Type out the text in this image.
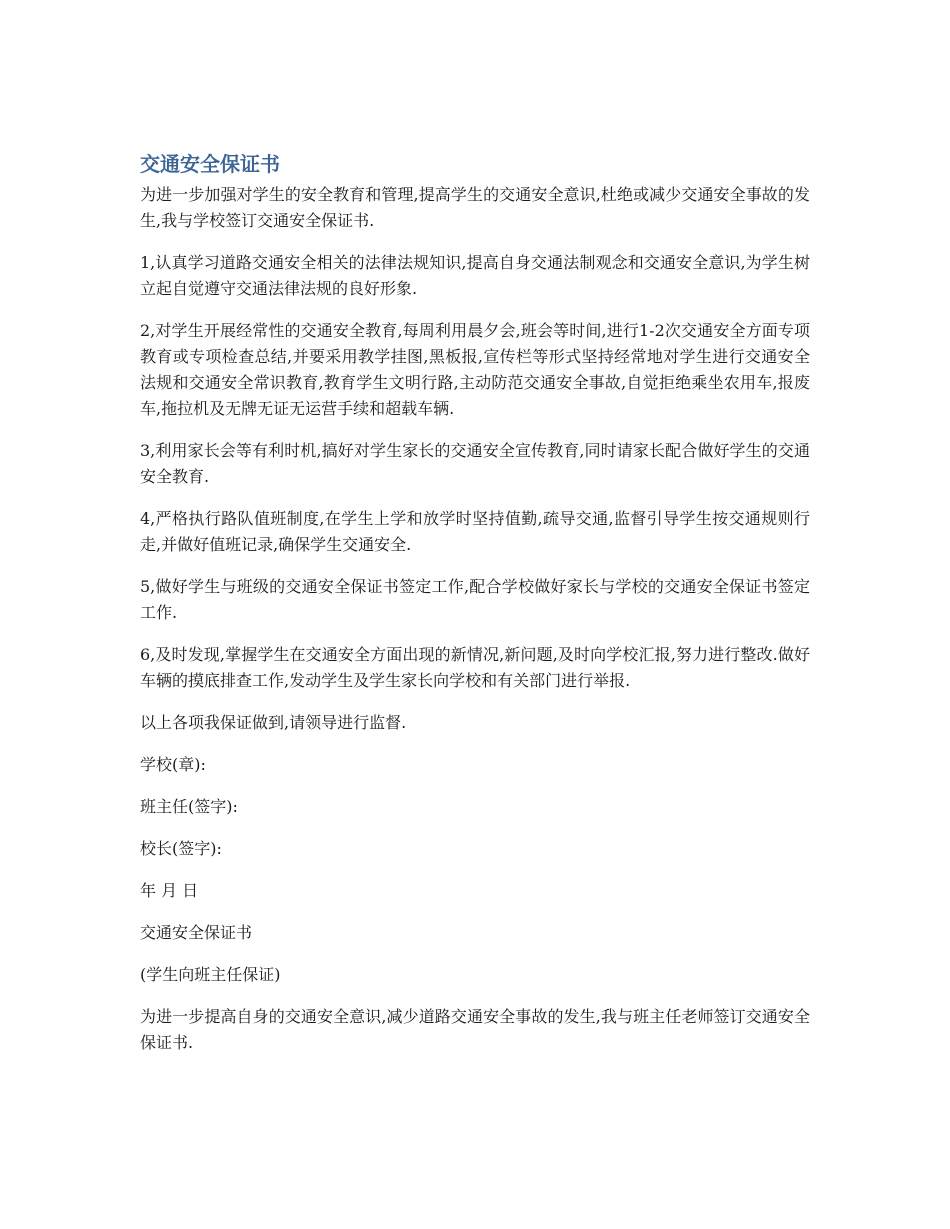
交通安全保证书

为进一步加强对学生的安全教育和管理,提高学生的交通安全意识,杜绝或减少交通安全事故的发生,我与学校签订交通安全保证书.

1,认真学习道路交通安全相关的法律法规知识,提高自身交通法制观念和交通安全意识,为学生树立起自觉遵守交通法律法规的良好形象.

2,对学生开展经常性的交通安全教育,每周利用晨夕会,班会等时间,进行1-2次交通安全方面专项教育或专项检查总结,并要采用教学挂图,黑板报,宣传栏等形式坚持经常地对学生进行交通安全法规和交通安全常识教育,教育学生文明行路,主动防范交通安全事故,自觉拒绝乘坐农用车,报废车,拖拉机及无牌无证无运营手续和超载车辆.

3,利用家长会等有利时机,搞好对学生家长的交通安全宣传教育,同时请家长配合做好学生的交通安全教育.

4,严格执行路队值班制度,在学生上学和放学时坚持值勤,疏导交通,监督引导学生按交通规则行走,并做好值班记录,确保学生交通安全.

5,做好学生与班级的交通安全保证书签定工作,配合学校做好家长与学校的交通安全保证书签定工作.

6,及时发现,掌握学生在交通安全方面出现的新情况,新问题,及时向学校汇报,努力进行整改.做好车辆的摸底排查工作,发动学生及学生家长向学校和有关部门进行举报.

以上各项我保证做到,请领导进行监督.

学校(章):

班主任(签字):

校长(签字):

年 月 日

交通安全保证书

(学生向班主任保证)

为进一步提高自身的交通安全意识,减少道路交通安全事故的发生,我与班主任老师签订交通安全保证书.
